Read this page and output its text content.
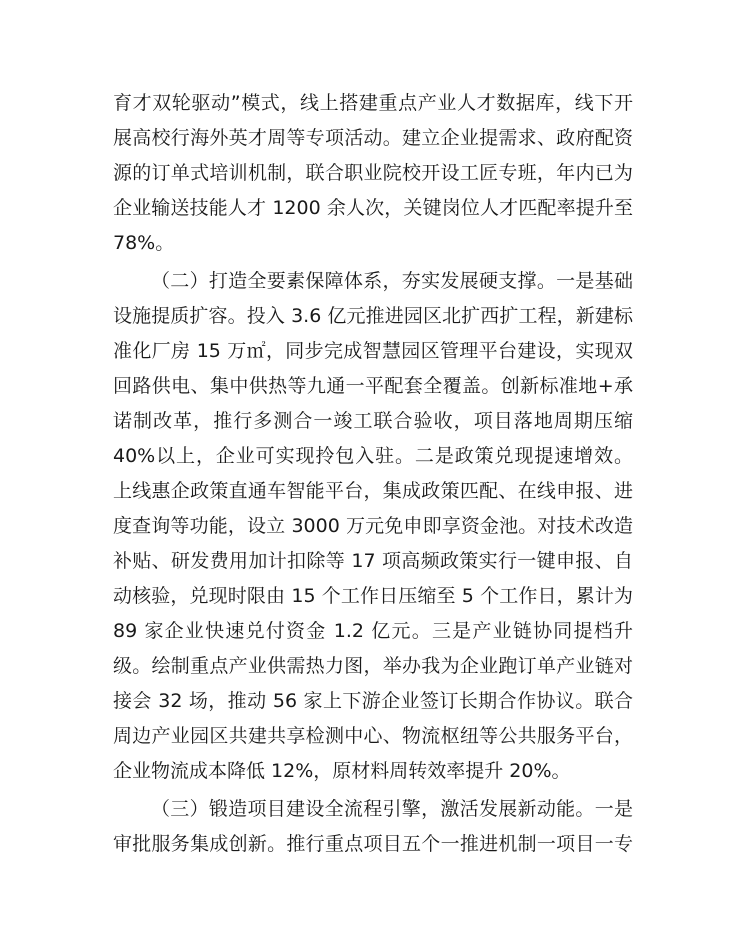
育才双轮驱动”模式，线上搭建重点产业人才数据库，线下开

展高校行海外英才周等专项活动。建立企业提需求、政府配资

源的订单式培训机制，联合职业院校开设工匠专班，年内已为

企业输送技能人才 1200 余人次，关键岗位人才匹配率提升至

78%。

（二）打造全要素保障体系，夯实发展硬支撑。一是基础

设施提质扩容。投入 3.6 亿元推进园区北扩西扩工程，新建标

准化厂房 15 万㎡，同步完成智慧园区管理平台建设，实现双

回路供电、集中供热等九通一平配套全覆盖。创新标准地+承

诺制改革，推行多测合一竣工联合验收，项目落地周期压缩

40%以上，企业可实现拎包入驻。二是政策兑现提速增效。

上线惠企政策直通车智能平台，集成政策匹配、在线申报、进

度查询等功能，设立 3000 万元免申即享资金池。对技术改造

补贴、研发费用加计扣除等 17 项高频政策实行一键申报、自

动核验，兑现时限由 15 个工作日压缩至 5 个工作日，累计为

89 家企业快速兑付资金 1.2 亿元。三是产业链协同提档升

级。绘制重点产业供需热力图，举办我为企业跑订单产业链对

接会 32 场，推动 56 家上下游企业签订长期合作协议。联合

周边产业园区共建共享检测中心、物流枢纽等公共服务平台，

企业物流成本降低 12%，原材料周转效率提升 20%。

（三）锻造项目建设全流程引擎，激活发展新动能。一是

审批服务集成创新。推行重点项目五个一推进机制一项目一专
